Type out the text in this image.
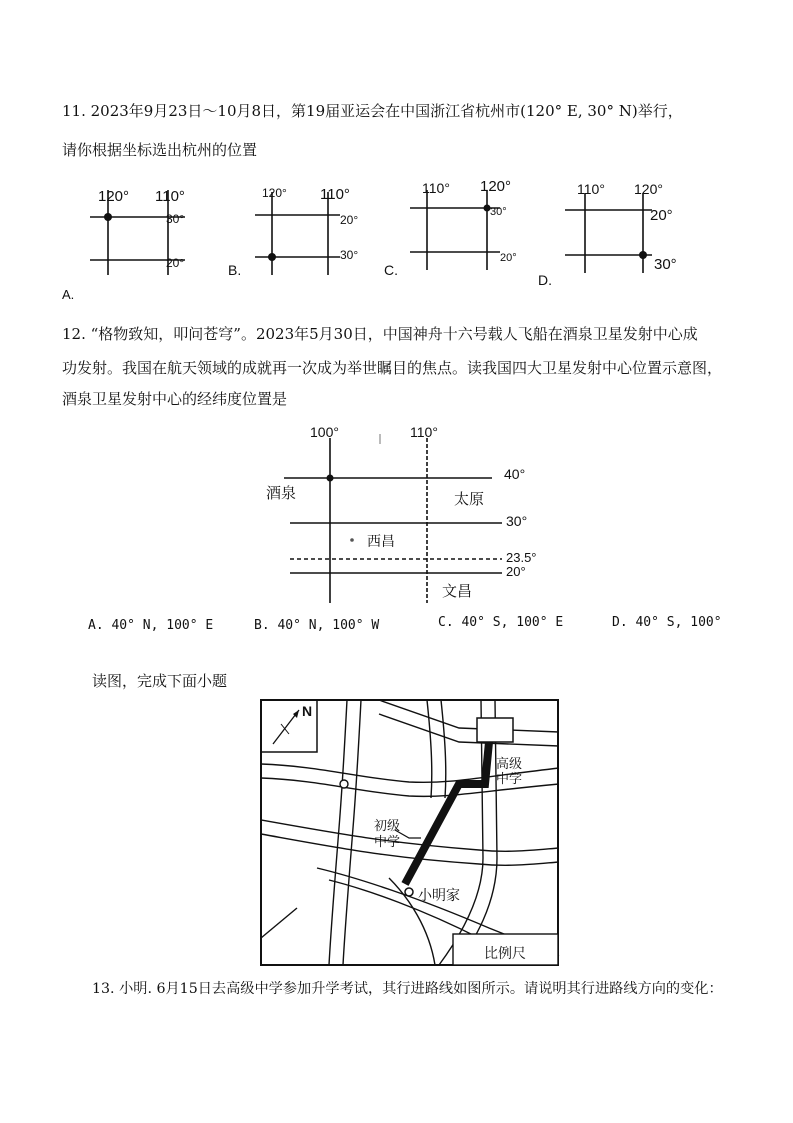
11. 2023年9月23日～10月8日，第19届亚运会在中国浙江省杭州市(120° E, 30° N)举行，
请你根据坐标选出杭州的位置
120° 110°
30°
20°
A.
120° 110°
20°
30°
B.
110° 120°
30°
20°
C.
110° 120°
20°
30°
D.
12. “格物致知，叩问苍穹”。2023年5月30日，中国神舟十六号载人飞船在酒泉卫星发射中心成
功发射。我国在航天领域的成就再一次成为举世瞩目的焦点。读我国四大卫星发射中心位置示意图，
酒泉卫星发射中心的经纬度位置是
100°	110°
40°
30°
23.5°
20°
酒泉	太原
西昌
文昌
A. 40° N, 100° E	B. 40° N, 100° W	C. 40° S, 100° E	D. 40° S, 100°
读图，完成下面小题
N
高级
中学
初级
中学
小明家
比例尺
13. 小明. 6月15日去高级中学参加升学考试，其行进路线如图所示。请说明其行进路线方向的变化：
